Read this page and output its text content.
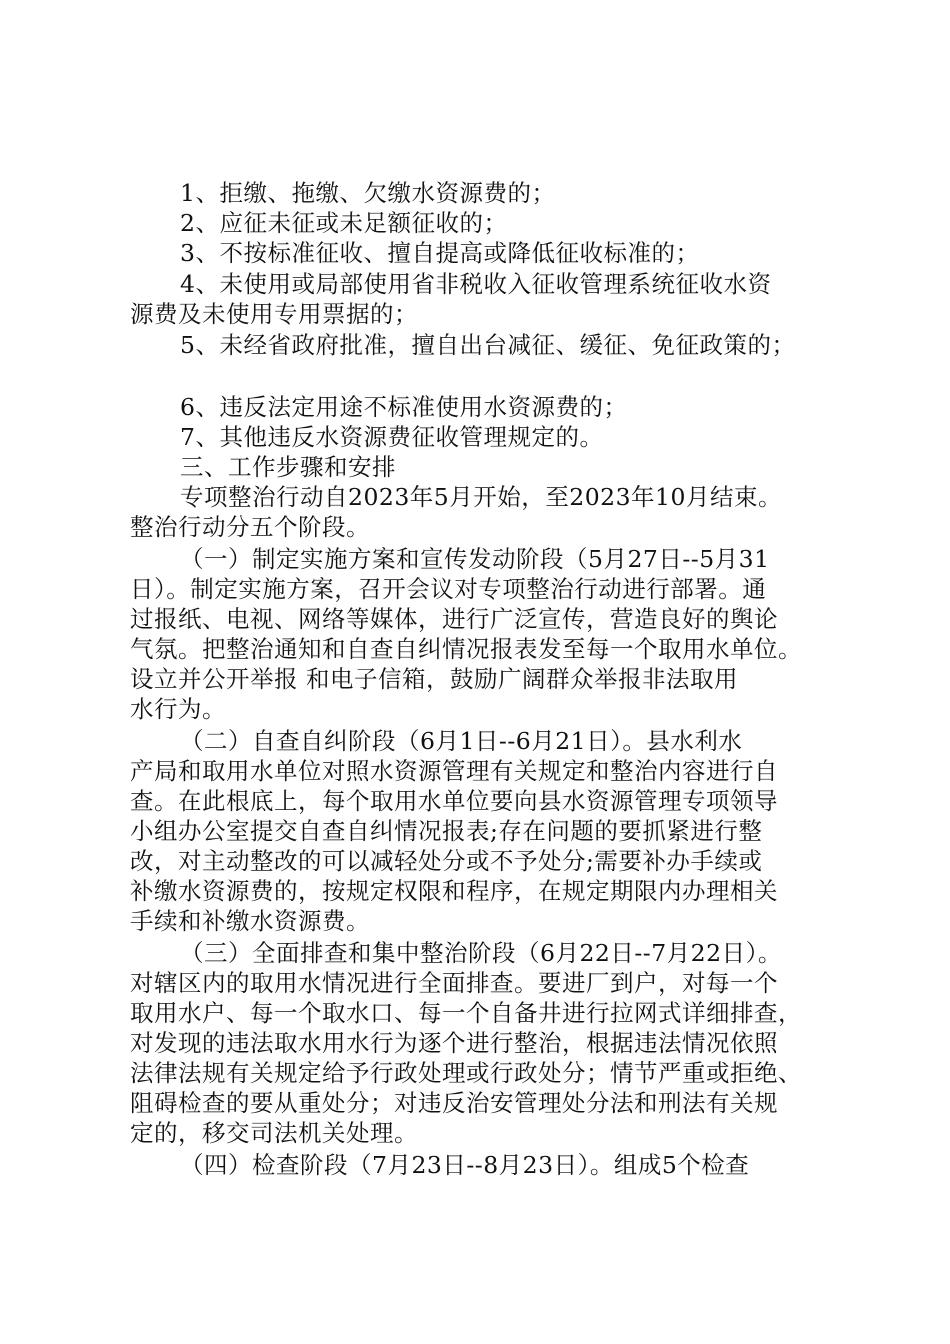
1、拒缴、拖缴、欠缴水资源费的；
2、应征未征或未足额征收的；
3、不按标准征收、擅自提高或降低征收标准的；
4、未使用或局部使用省非税收入征收管理系统征收水资
源费及未使用专用票据的；
5、未经省政府批准，擅自出台减征、缓征、免征政策的；
6、违反法定用途不标准使用水资源费的；
7、其他违反水资源费征收管理规定的。
三、工作步骤和安排
专项整治行动自2023年5月开始，至2023年10月结束。
整治行动分五个阶段。
（一）制定实施方案和宣传发动阶段（5月27日--5月31
日）。制定实施方案，召开会议对专项整治行动进行部署。通
过报纸、电视、网络等媒体，进行广泛宣传，营造良好的舆论
气氛。把整治通知和自查自纠情况报表发至每一个取用水单位。
设立并公开举报 和电子信箱，鼓励广阔群众举报非法取用
水行为。
（二）自查自纠阶段（6月1日--6月21日）。县水利水
产局和取用水单位对照水资源管理有关规定和整治内容进行自
查。在此根底上，每个取用水单位要向县水资源管理专项领导
小组办公室提交自查自纠情况报表;存在问题的要抓紧进行整
改，对主动整改的可以减轻处分或不予处分;需要补办手续或
补缴水资源费的，按规定权限和程序，在规定期限内办理相关
手续和补缴水资源费。
（三）全面排查和集中整治阶段（6月22日--7月22日）。
对辖区内的取用水情况进行全面排查。要进厂到户，对每一个
取用水户、每一个取水口、每一个自备井进行拉网式详细排查，
对发现的违法取水用水行为逐个进行整治，根据违法情况依照
法律法规有关规定给予行政处理或行政处分；情节严重或拒绝、
阻碍检查的要从重处分；对违反治安管理处分法和刑法有关规
定的，移交司法机关处理。
（四）检查阶段（7月23日--8月23日）。组成5个检查
